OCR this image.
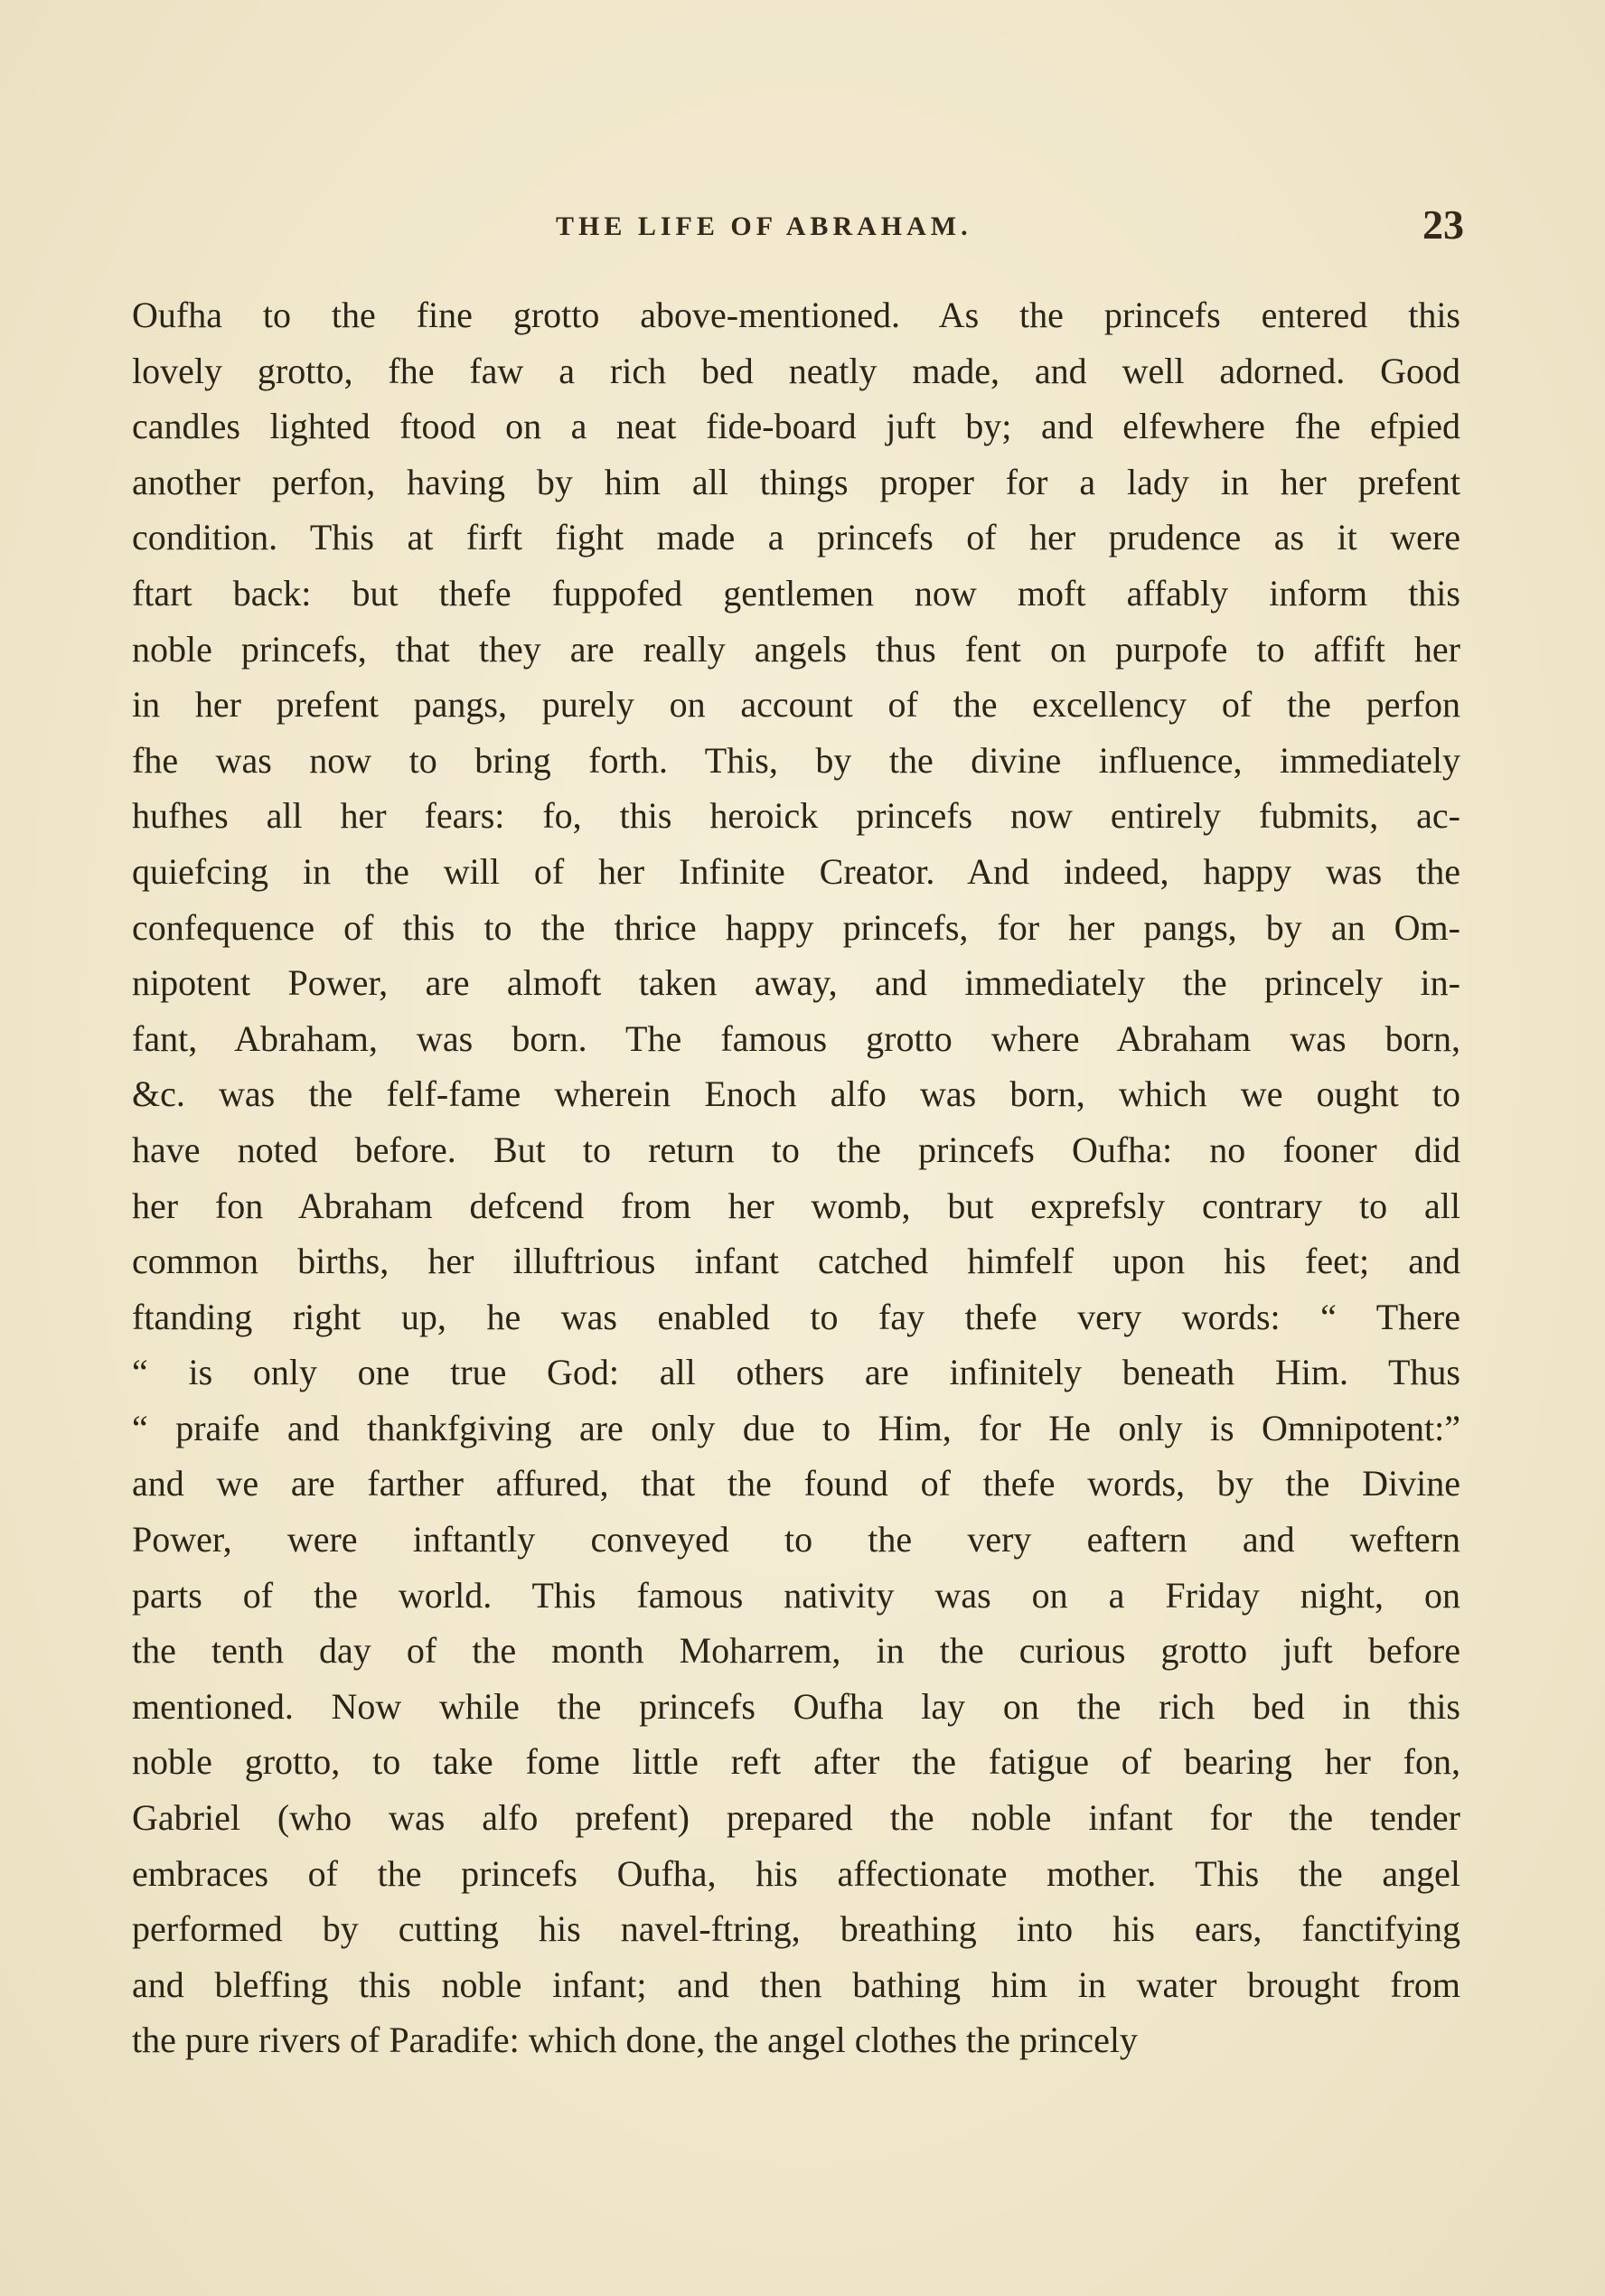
THE LIFE OF ABRAHAM.	23
Oufha to the fine grotto above-mentioned. As the princefs entered this
lovely grotto, fhe faw a rich bed neatly made, and well adorned. Good
candles lighted ftood on a neat fide-board juft by; and elfewhere fhe efpied
another perfon, having by him all things proper for a lady in her prefent
condition. This at firft fight made a princefs of her prudence as it were
ftart back: but thefe fuppofed gentlemen now moft affably inform this
noble princefs, that they are really angels thus fent on purpofe to affift her
in her prefent pangs, purely on account of the excellency of the perfon
fhe was now to bring forth. This, by the divine influence, immediately
hufhes all her fears: fo, this heroick princefs now entirely fubmits, ac-
quiefcing in the will of her Infinite Creator. And indeed, happy was the
confequence of this to the thrice happy princefs, for her pangs, by an Om-
nipotent Power, are almoft taken away, and immediately the princely in-
fant, Abraham, was born. The famous grotto where Abraham was born,
&c. was the felf-fame wherein Enoch alfo was born, which we ought to
have noted before. But to return to the princefs Oufha: no fooner did
her fon Abraham defcend from her womb, but exprefsly contrary to all
common births, her illuftrious infant catched himfelf upon his feet; and
ftanding right up, he was enabled to fay thefe very words: “ There
“ is only one true God: all others are infinitely beneath Him. Thus
“ praife and thankfgiving are only due to Him, for He only is Omnipotent:”
and we are farther affured, that the found of thefe words, by the Divine
Power, were inftantly conveyed to the very eaftern and weftern
parts of the world. This famous nativity was on a Friday night, on
the tenth day of the month Moharrem, in the curious grotto juft before
mentioned. Now while the princefs Oufha lay on the rich bed in this
noble grotto, to take fome little reft after the fatigue of bearing her fon,
Gabriel (who was alfo prefent) prepared the noble infant for the tender
embraces of the princefs Oufha, his affectionate mother. This the angel
performed by cutting his navel-ftring, breathing into his ears, fanctifying
and bleffing this noble infant; and then bathing him in water brought from
the pure rivers of Paradife: which done, the angel clothes the princely
